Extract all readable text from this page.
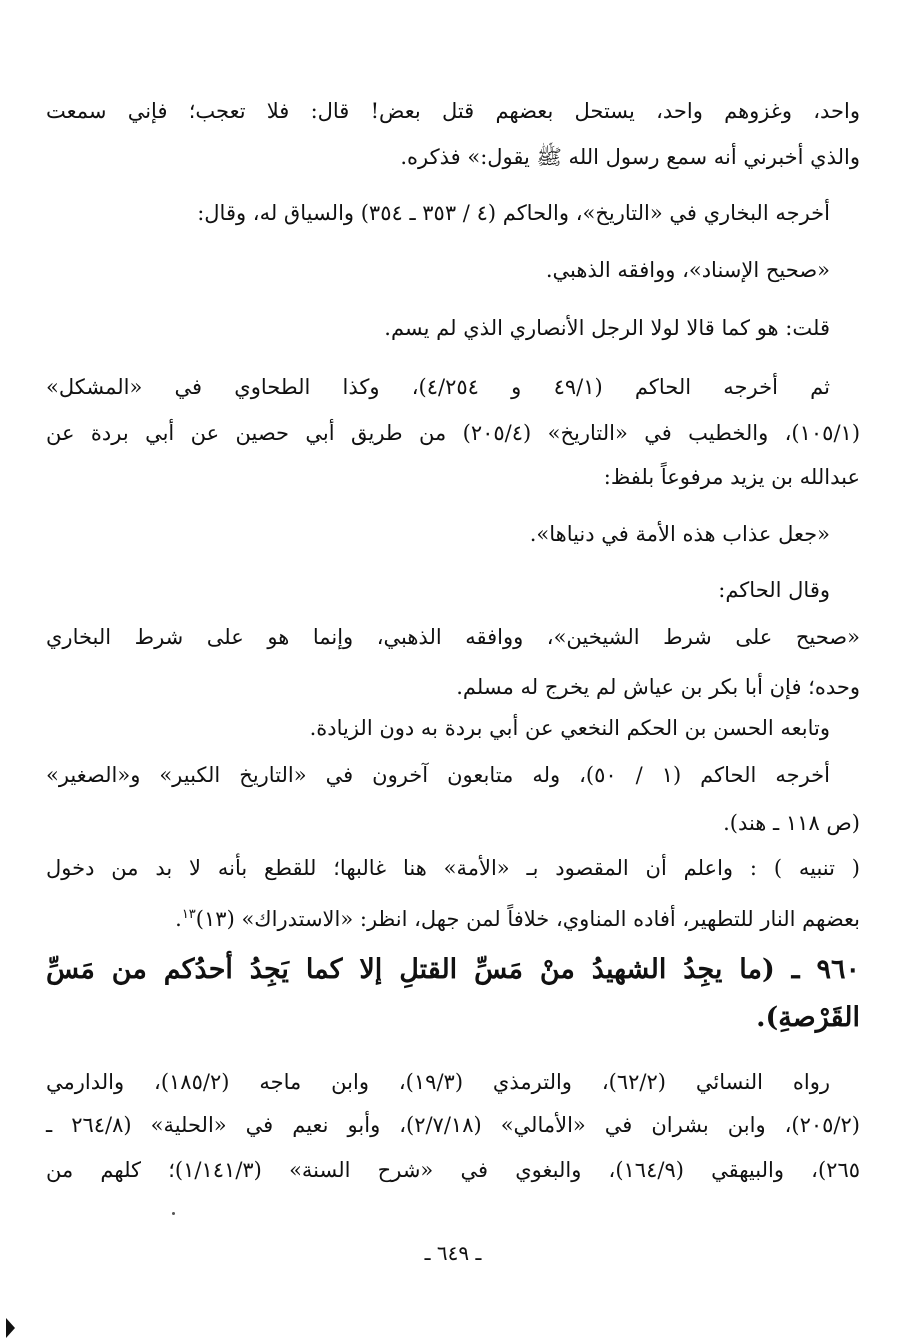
واحد، وغزوهم واحد، يستحل بعضهم قتل بعض! قال: فلا تعجب؛ فإني سمعت
والذي أخبرني أنه سمع رسول الله ﷺ يقول:» فذكره.
أخرجه البخاري في «التاريخ»، والحاكم (٤ / ٣٥٣ ـ ٣٥٤) والسياق له، وقال:
«صحيح الإسناد»، ووافقه الذهبي.
قلت: هو كما قالا لولا الرجل الأنصاري الذي لم يسم.
ثم أخرجه الحاكم (٤٩/١ و ٤/٢٥٤)، وكذا الطحاوي في «المشكل»
(١٠٥/١)، والخطيب في «التاريخ» (٢٠٥/٤) من طريق أبي حصين عن أبي بردة عن
عبدالله بن يزيد مرفوعاً بلفظ:
«جعل عذاب هذه الأمة في دنياها».
وقال الحاكم:
«صحيح على شرط الشيخين»، ووافقه الذهبي، وإنما هو على شرط البخاري
وحده؛ فإن أبا بكر بن عياش لم يخرج له مسلم.
وتابعه الحسن بن الحكم النخعي عن أبي بردة به دون الزيادة.
أخرجه الحاكم (١ / ٥٠)، وله متابعون آخرون في «التاريخ الكبير» و«الصغير»
(ص ١١٨ ـ هند).
( تنبيه ) : واعلم أن المقصود بـ «الأمة» هنا غالبها؛ للقطع بأنه لا بد من دخول
بعضهم النار للتطهير، أفاده المناوي، خلافاً لمن جهل، انظر: «الاستدراك» (١٣)$^{١٣}$.
٩٦٠ ـ (ما يجِدُ الشهيدُ منْ مَسِّ القتلِ إلا كما يَجِدُ أحدُكم من مَسِّ
القَرْصةِ).
رواه النسائي (٦٢/٢)، والترمذي (١٩/٣)، وابن ماجه (١٨٥/٢)، والدارمي
(٢٠٥/٢)، وابن بشران في «الأمالي» (٢/٧/١٨)، وأبو نعيم في «الحلية» (٢٦٤/٨ ـ
٢٦٥)، والبيهقي (١٦٤/٩)، والبغوي في «شرح السنة» (١/١٤١/٣)؛ كلهم من
ـ ٦٤٩ ـ
